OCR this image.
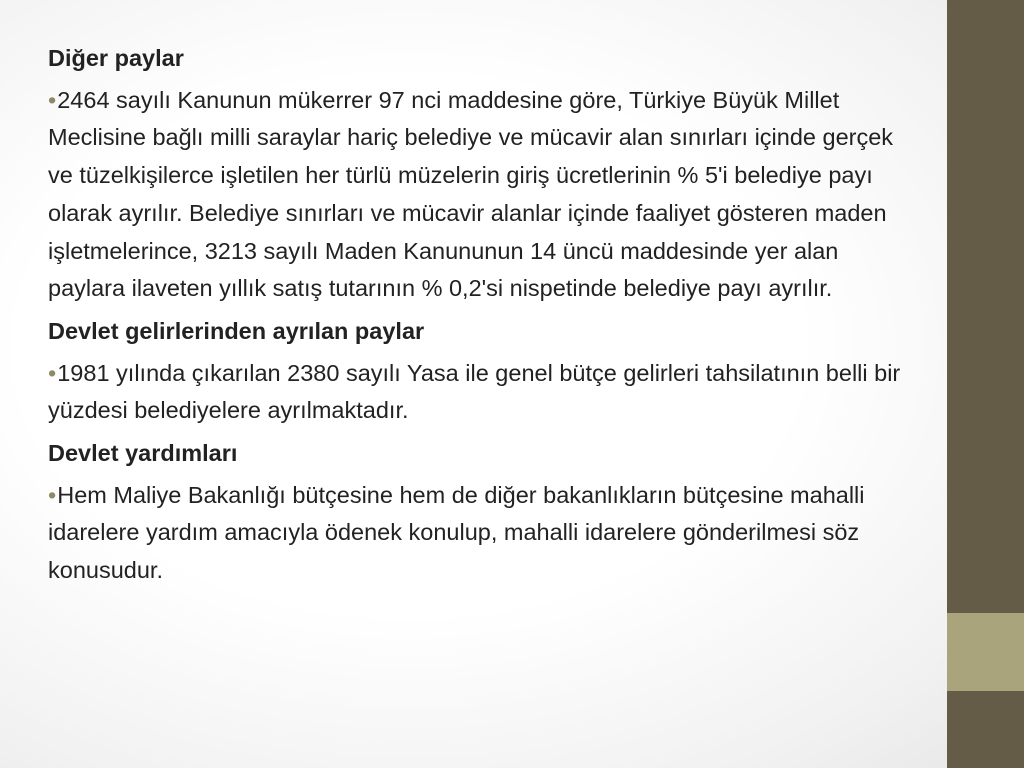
Diğer paylar

•2464 sayılı Kanunun mükerrer 97 nci maddesine göre, Türkiye Büyük Millet Meclisine bağlı milli saraylar hariç belediye ve mücavir alan sınırları içinde gerçek ve tüzelkişilerce işletilen her türlü müzelerin giriş ücretlerinin % 5'i belediye payı olarak ayrılır. Belediye sınırları ve mücavir alanlar içinde faaliyet gösteren maden işletmelerince, 3213 sayılı Maden Kanununun 14 üncü maddesinde yer alan paylara ilaveten yıllık satış tutarının % 0,2'si nispetinde belediye payı ayrılır.

Devlet gelirlerinden ayrılan paylar

•1981 yılında çıkarılan 2380 sayılı Yasa ile genel bütçe gelirleri tahsilatının belli bir yüzdesi belediyelere ayrılmaktadır.

Devlet yardımları

•Hem Maliye Bakanlığı bütçesine hem de diğer bakanlıkların bütçesine mahalli idarelere yardım amacıyla ödenek konulup, mahalli idarelere gönderilmesi söz konusudur.
